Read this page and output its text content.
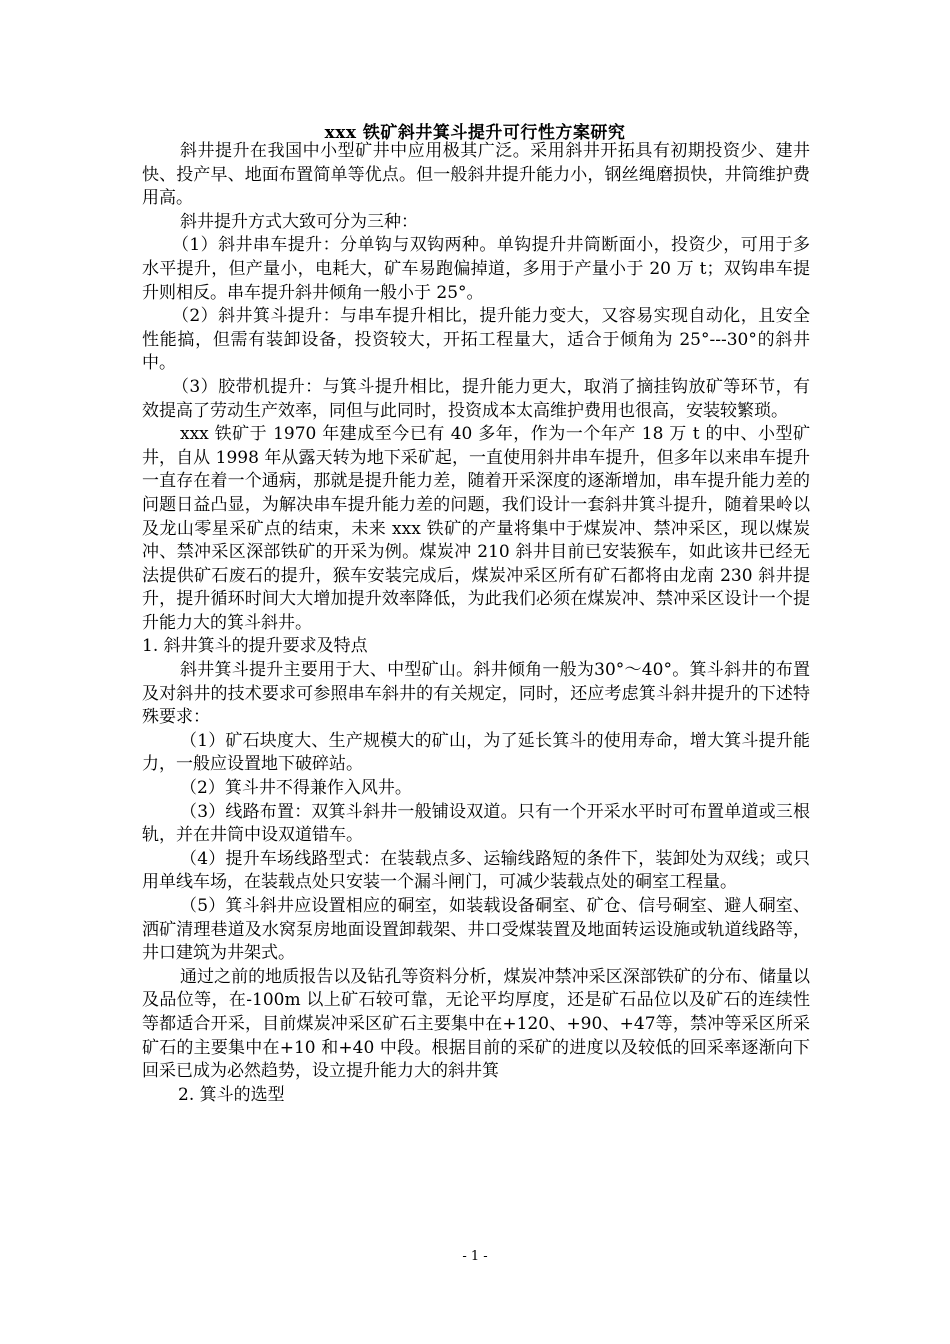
xxx 铁矿斜井箕斗提升可行性方案研究

斜井提升在我国中小型矿井中应用极其广泛。采用斜井开拓具有初期投资少、建井快、投产早、地面布置简单等优点。但一般斜井提升能力小，钢丝绳磨损快，井筒维护费用高。

斜井提升方式大致可分为三种：

（1）斜井串车提升：分单钩与双钩两种。单钩提升井筒断面小，投资少，可用于多水平提升，但产量小，电耗大，矿车易跑偏掉道，多用于产量小于 20 万 t；双钩串车提升则相反。串车提升斜井倾角一般小于 25°。

（2）斜井箕斗提升：与串车提升相比，提升能力变大，又容易实现自动化，且安全性能搞，但需有装卸设备，投资较大，开拓工程量大，适合于倾角为 25°---30°的斜井中。

（3）胶带机提升：与箕斗提升相比，提升能力更大，取消了摘挂钩放矿等环节，有效提高了劳动生产效率，同但与此同时，投资成本太高维护费用也很高，安装较繁琐。

xxx 铁矿于 1970 年建成至今已有 40 多年，作为一个年产 18 万 t 的中、小型矿井，自从 1998 年从露天转为地下采矿起，一直使用斜井串车提升，但多年以来串车提升一直存在着一个通病，那就是提升能力差，随着开采深度的逐渐增加，串车提升能力差的问题日益凸显，为解决串车提升能力差的问题，我们设计一套斜井箕斗提升，随着果岭以及龙山零星采矿点的结束，未来 xxx 铁矿的产量将集中于煤炭冲、禁冲采区，现以煤炭冲、禁冲采区深部铁矿的开采为例。煤炭冲 210 斜井目前已安装猴车，如此该井已经无法提供矿石废石的提升，猴车安装完成后，煤炭冲采区所有矿石都将由龙南 230 斜井提升，提升循环时间大大增加提升效率降低，为此我们必须在煤炭冲、禁冲采区设计一个提升能力大的箕斗斜井。

1. 斜井箕斗的提升要求及特点

斜井箕斗提升主要用于大、中型矿山。斜井倾角一般为30°～40°。箕斗斜井的布置及对斜井的技术要求可参照串车斜井的有关规定，同时，还应考虑箕斗斜井提升的下述特殊要求：

（1）矿石块度大、生产规模大的矿山，为了延长箕斗的使用寿命，增大箕斗提升能力，一般应设置地下破碎站。

（2）箕斗井不得兼作入风井。

（3）线路布置：双箕斗斜井一般铺设双道。只有一个开采水平时可布置单道或三根轨，并在井筒中设双道错车。

（4）提升车场线路型式：在装载点多、运输线路短的条件下，装卸处为双线；或只用单线车场，在装载点处只安装一个漏斗闸门，可减少装载点处的硐室工程量。

（5）箕斗斜井应设置相应的硐室，如装载设备硐室、矿仓、信号硐室、避人硐室、洒矿清理巷道及水窝泵房地面设置卸载架、井口受煤装置及地面转运设施或轨道线路等，井口建筑为井架式。

通过之前的地质报告以及钻孔等资料分析，煤炭冲禁冲采区深部铁矿的分布、储量以及品位等，在-100m 以上矿石较可靠，无论平均厚度，还是矿石品位以及矿石的连续性等都适合开采，目前煤炭冲采区矿石主要集中在+120、+90、+47等，禁冲等采区所采矿石的主要集中在+10 和+40 中段。根据目前的采矿的进度以及较低的回采率逐渐向下回采已成为必然趋势，设立提升能力大的斜井箕

2. 箕斗的选型

- 1 -
